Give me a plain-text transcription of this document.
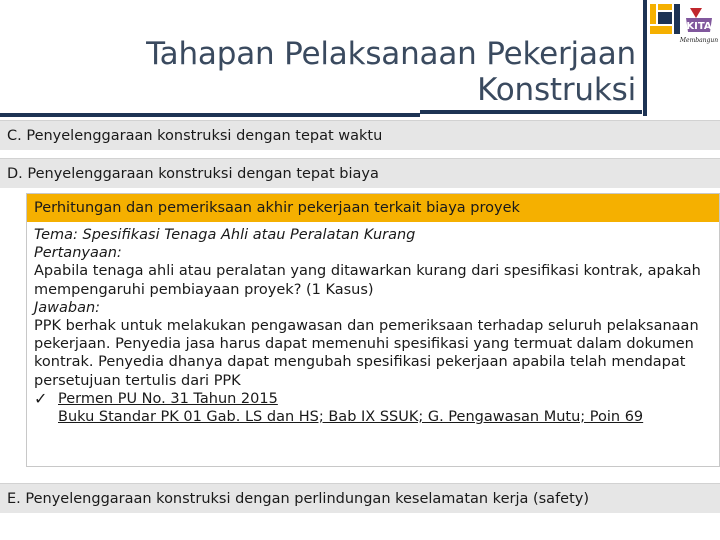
Tahapan Pelaksanaan Pekerjaan
Konstruksi
KITA
Membangun
C. Penyelenggaraan konstruksi dengan tepat waktu
D. Penyelenggaraan konstruksi dengan tepat biaya
Perhitungan dan pemeriksaan akhir pekerjaan terkait biaya proyek

Tema: Spesifikasi Tenaga Ahli atau Peralatan Kurang

Pertanyaan:

Apabila tenaga ahli atau peralatan yang ditawarkan kurang dari spesifikasi kontrak, apakah mempengaruhi pembiayaan proyek? (1 Kasus)

Jawaban:

PPK berhak untuk melakukan pengawasan dan pemeriksaan terhadap seluruh pelaksanaan pekerjaan. Penyedia jasa harus dapat memenuhi spesifikasi yang termuat dalam dokumen kontrak. Penyedia dhanya dapat mengubah spesifikasi pekerjaan apabila telah mendapat persetujuan tertulis dari PPK

✓ Permen PU No. 31 Tahun 2015

Buku Standar PK 01 Gab. LS dan HS; Bab IX SSUK; G. Pengawasan Mutu; Poin 69

E. Penyelenggaraan konstruksi dengan perlindungan keselamatan kerja (safety)
